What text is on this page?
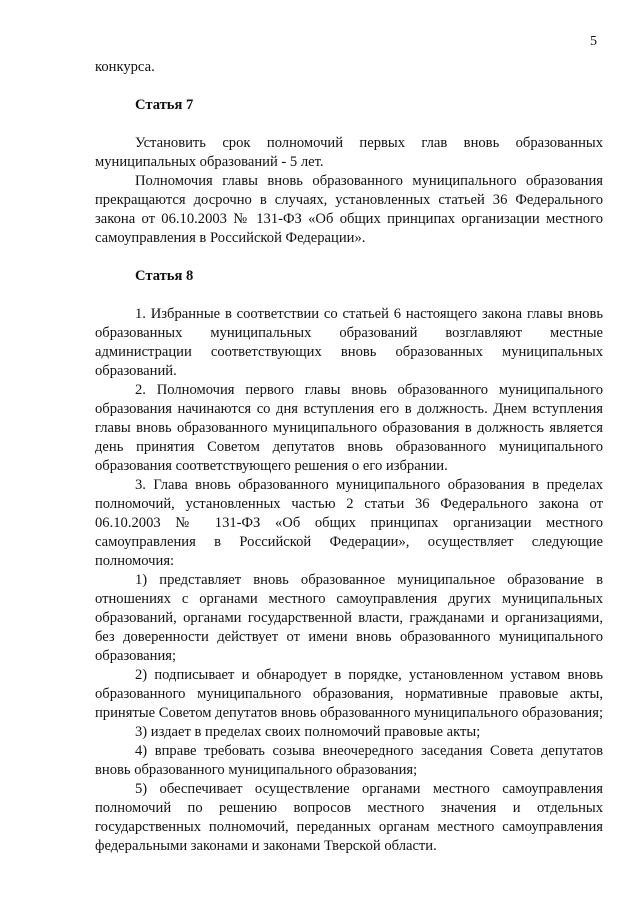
5

конкурса.

Статья 7

Установить срок полномочий первых глав вновь образованных муниципальных образований - 5 лет.

Полномочия главы вновь образованного муниципального образования прекращаются досрочно в случаях, установленных статьей 36 Федерального закона от 06.10.2003 № 131-ФЗ «Об общих принципах организации местного самоуправления в Российской Федерации».

Статья 8

1. Избранные в соответствии со статьей 6 настоящего закона главы вновь образованных муниципальных образований возглавляют местные администрации соответствующих вновь образованных муниципальных образований.

2. Полномочия первого главы вновь образованного муниципального образования начинаются со дня вступления его в должность. Днем вступления главы вновь образованного муниципального образования в должность является день принятия Советом депутатов вновь образованного муниципального образования соответствующего решения о его избрании.

3. Глава вновь образованного муниципального образования в пределах полномочий, установленных частью 2 статьи 36 Федерального закона от 06.10.2003 № 131-ФЗ «Об общих принципах организации местного самоуправления в Российской Федерации», осуществляет следующие полномочия:

1) представляет вновь образованное муниципальное образование в отношениях с органами местного самоуправления других муниципальных образований, органами государственной власти, гражданами и организациями, без доверенности действует от имени вновь образованного муниципального образования;

2) подписывает и обнародует в порядке, установленном уставом вновь образованного муниципального образования, нормативные правовые акты, принятые Советом депутатов вновь образованного муниципального образования;

3) издает в пределах своих полномочий правовые акты;

4) вправе требовать созыва внеочередного заседания Совета депутатов вновь образованного муниципального образования;

5) обеспечивает осуществление органами местного самоуправления полномочий по решению вопросов местного значения и отдельных государственных полномочий, переданных органам местного самоуправления федеральными законами и законами Тверской области.
